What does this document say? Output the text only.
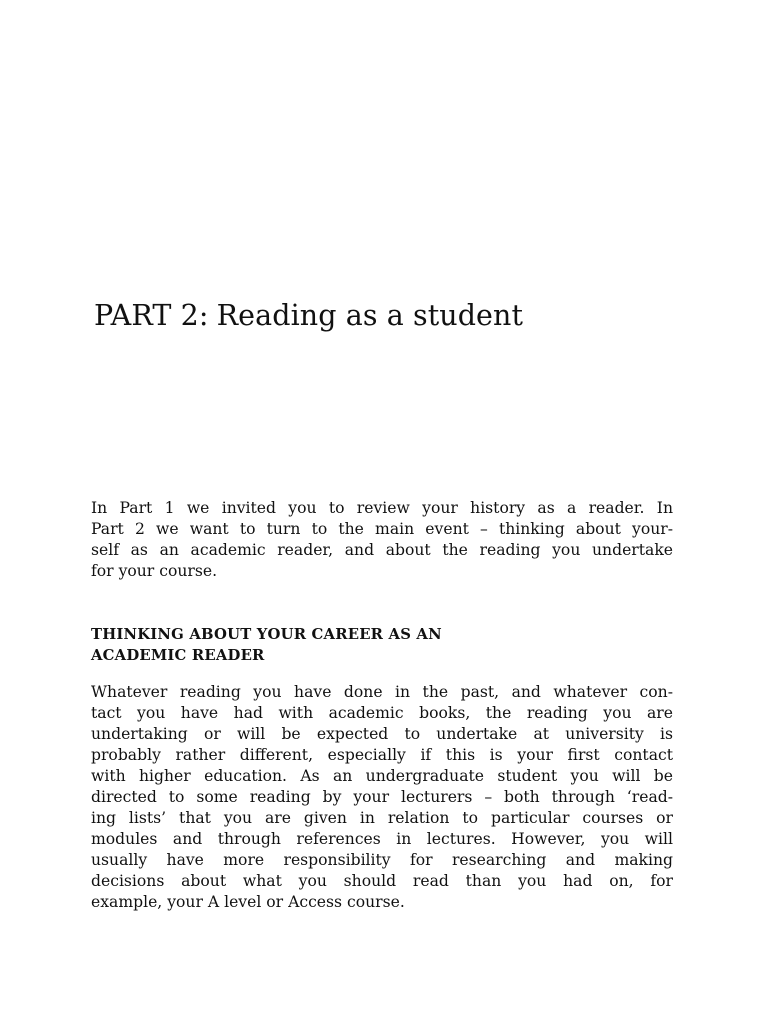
PART 2: Reading as a student
In Part 1 we invited you to review your history as a reader. In
Part 2 we want to turn to the main event – thinking about your-
self as an academic reader, and about the reading you undertake
for your course.
THINKING ABOUT YOUR CAREER AS AN
ACADEMIC READER
Whatever reading you have done in the past, and whatever con-
tact you have had with academic books, the reading you are
undertaking or will be expected to undertake at university is
probably rather different, especially if this is your first contact
with higher education. As an undergraduate student you will be
directed to some reading by your lecturers – both through ‘read-
ing lists’ that you are given in relation to particular courses or
modules and through references in lectures. However, you will
usually have more responsibility for researching and making
decisions about what you should read than you had on, for
example, your A level or Access course.
